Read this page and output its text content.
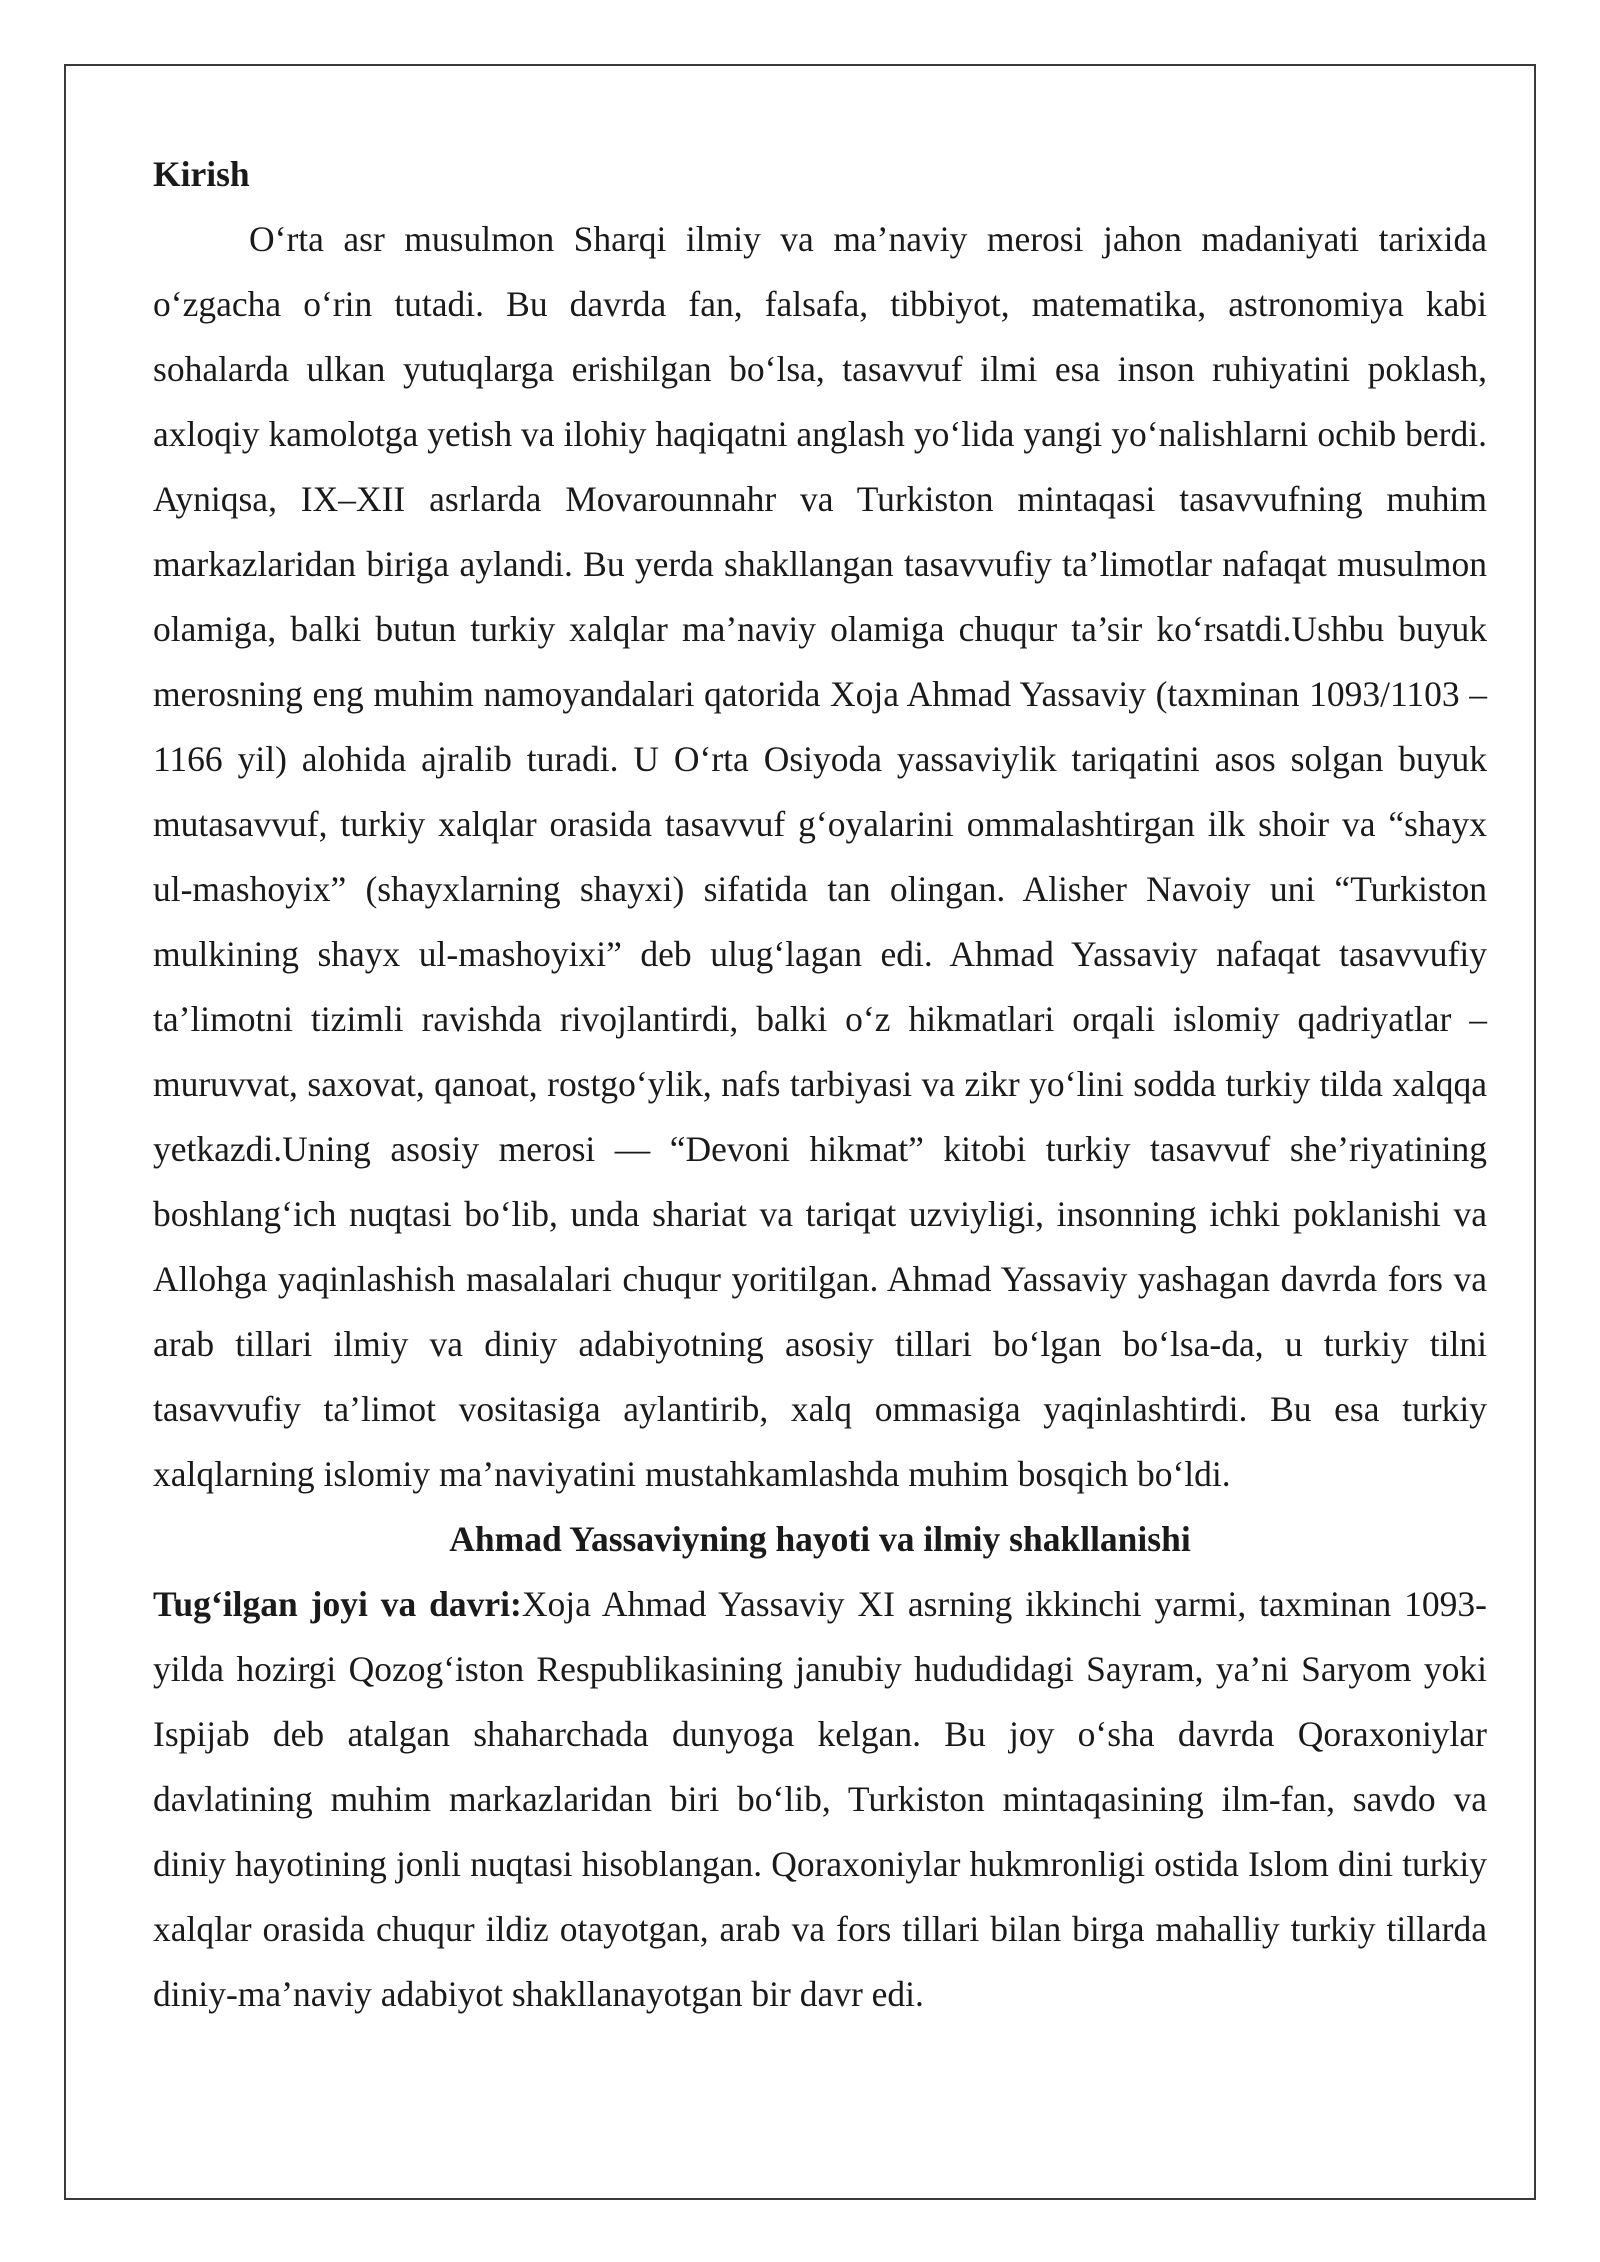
Kirish

O‘rta asr musulmon Sharqi ilmiy va ma’naviy merosi jahon madaniyati tarixida o‘zgacha o‘rin tutadi. Bu davrda fan, falsafa, tibbiyot, matematika, astronomiya kabi sohalarda ulkan yutuqlarga erishilgan bo‘lsa, tasavvuf ilmi esa inson ruhiyatini poklash, axloqiy kamolotga yetish va ilohiy haqiqatni anglash yo‘lida yangi yo‘nalishlarni ochib berdi. Ayniqsa, IX–XII asrlarda Movarounnahr va Turkiston mintaqasi tasavvufning muhim markazlaridan biriga aylandi. Bu yerda shakllangan tasavvufiy ta’limotlar nafaqat musulmon olamiga, balki butun turkiy xalqlar ma’naviy olamiga chuqur ta’sir ko‘rsatdi.Ushbu buyuk merosning eng muhim namoyandalari qatorida Xoja Ahmad Yassaviy (taxminan 1093/1103 – 1166 yil) alohida ajralib turadi. U O‘rta Osiyoda yassaviylik tariqatini asos solgan buyuk mutasavvuf, turkiy xalqlar orasida tasavvuf g‘oyalarini ommalashtirgan ilk shoir va “shayx ul-mashoyix” (shayxlarning shayxi) sifatida tan olingan. Alisher Navoiy uni “Turkiston mulkining shayx ul-mashoyixi” deb ulug‘lagan edi. Ahmad Yassaviy nafaqat tasavvufiy ta’limotni tizimli ravishda rivojlantirdi, balki o‘z hikmatlari orqali islomiy qadriyatlar – muruvvat, saxovat, qanoat, rostgo‘ylik, nafs tarbiyasi va zikr yo‘lini sodda turkiy tilda xalqqa yetkazdi.Uning asosiy merosi — “Devoni hikmat” kitobi turkiy tasavvuf she’riyatining boshlang‘ich nuqtasi bo‘lib, unda shariat va tariqat uzviyligi, insonning ichki poklanishi va Allohga yaqinlashish masalalari chuqur yoritilgan. Ahmad Yassaviy yashagan davrda fors va arab tillari ilmiy va diniy adabiyotning asosiy tillari bo‘lgan bo‘lsa-da, u turkiy tilni tasavvufiy ta’limot vositasiga aylantirib, xalq ommasiga yaqinlashtirdi. Bu esa turkiy xalqlarning islomiy ma’naviyatini mustahkamlashda muhim bosqich bo‘ldi.

Ahmad Yassaviyning hayoti va ilmiy shakllanishi

Tug‘ilgan joyi va davri:Xoja Ahmad Yassaviy XI asrning ikkinchi yarmi, taxminan 1093-yilda hozirgi Qozog‘iston Respublikasining janubiy hududidagi Sayram, ya’ni Saryom yoki Ispijab deb atalgan shaharchada dunyoga kelgan. Bu joy o‘sha davrda Qoraxoniylar davlatining muhim markazlaridan biri bo‘lib, Turkiston mintaqasining ilm-fan, savdo va diniy hayotining jonli nuqtasi hisoblangan. Qoraxoniylar hukmronligi ostida Islom dini turkiy xalqlar orasida chuqur ildiz otayotgan, arab va fors tillari bilan birga mahalliy turkiy tillarda diniy-ma’naviy adabiyot shakllanayotgan bir davr edi.
